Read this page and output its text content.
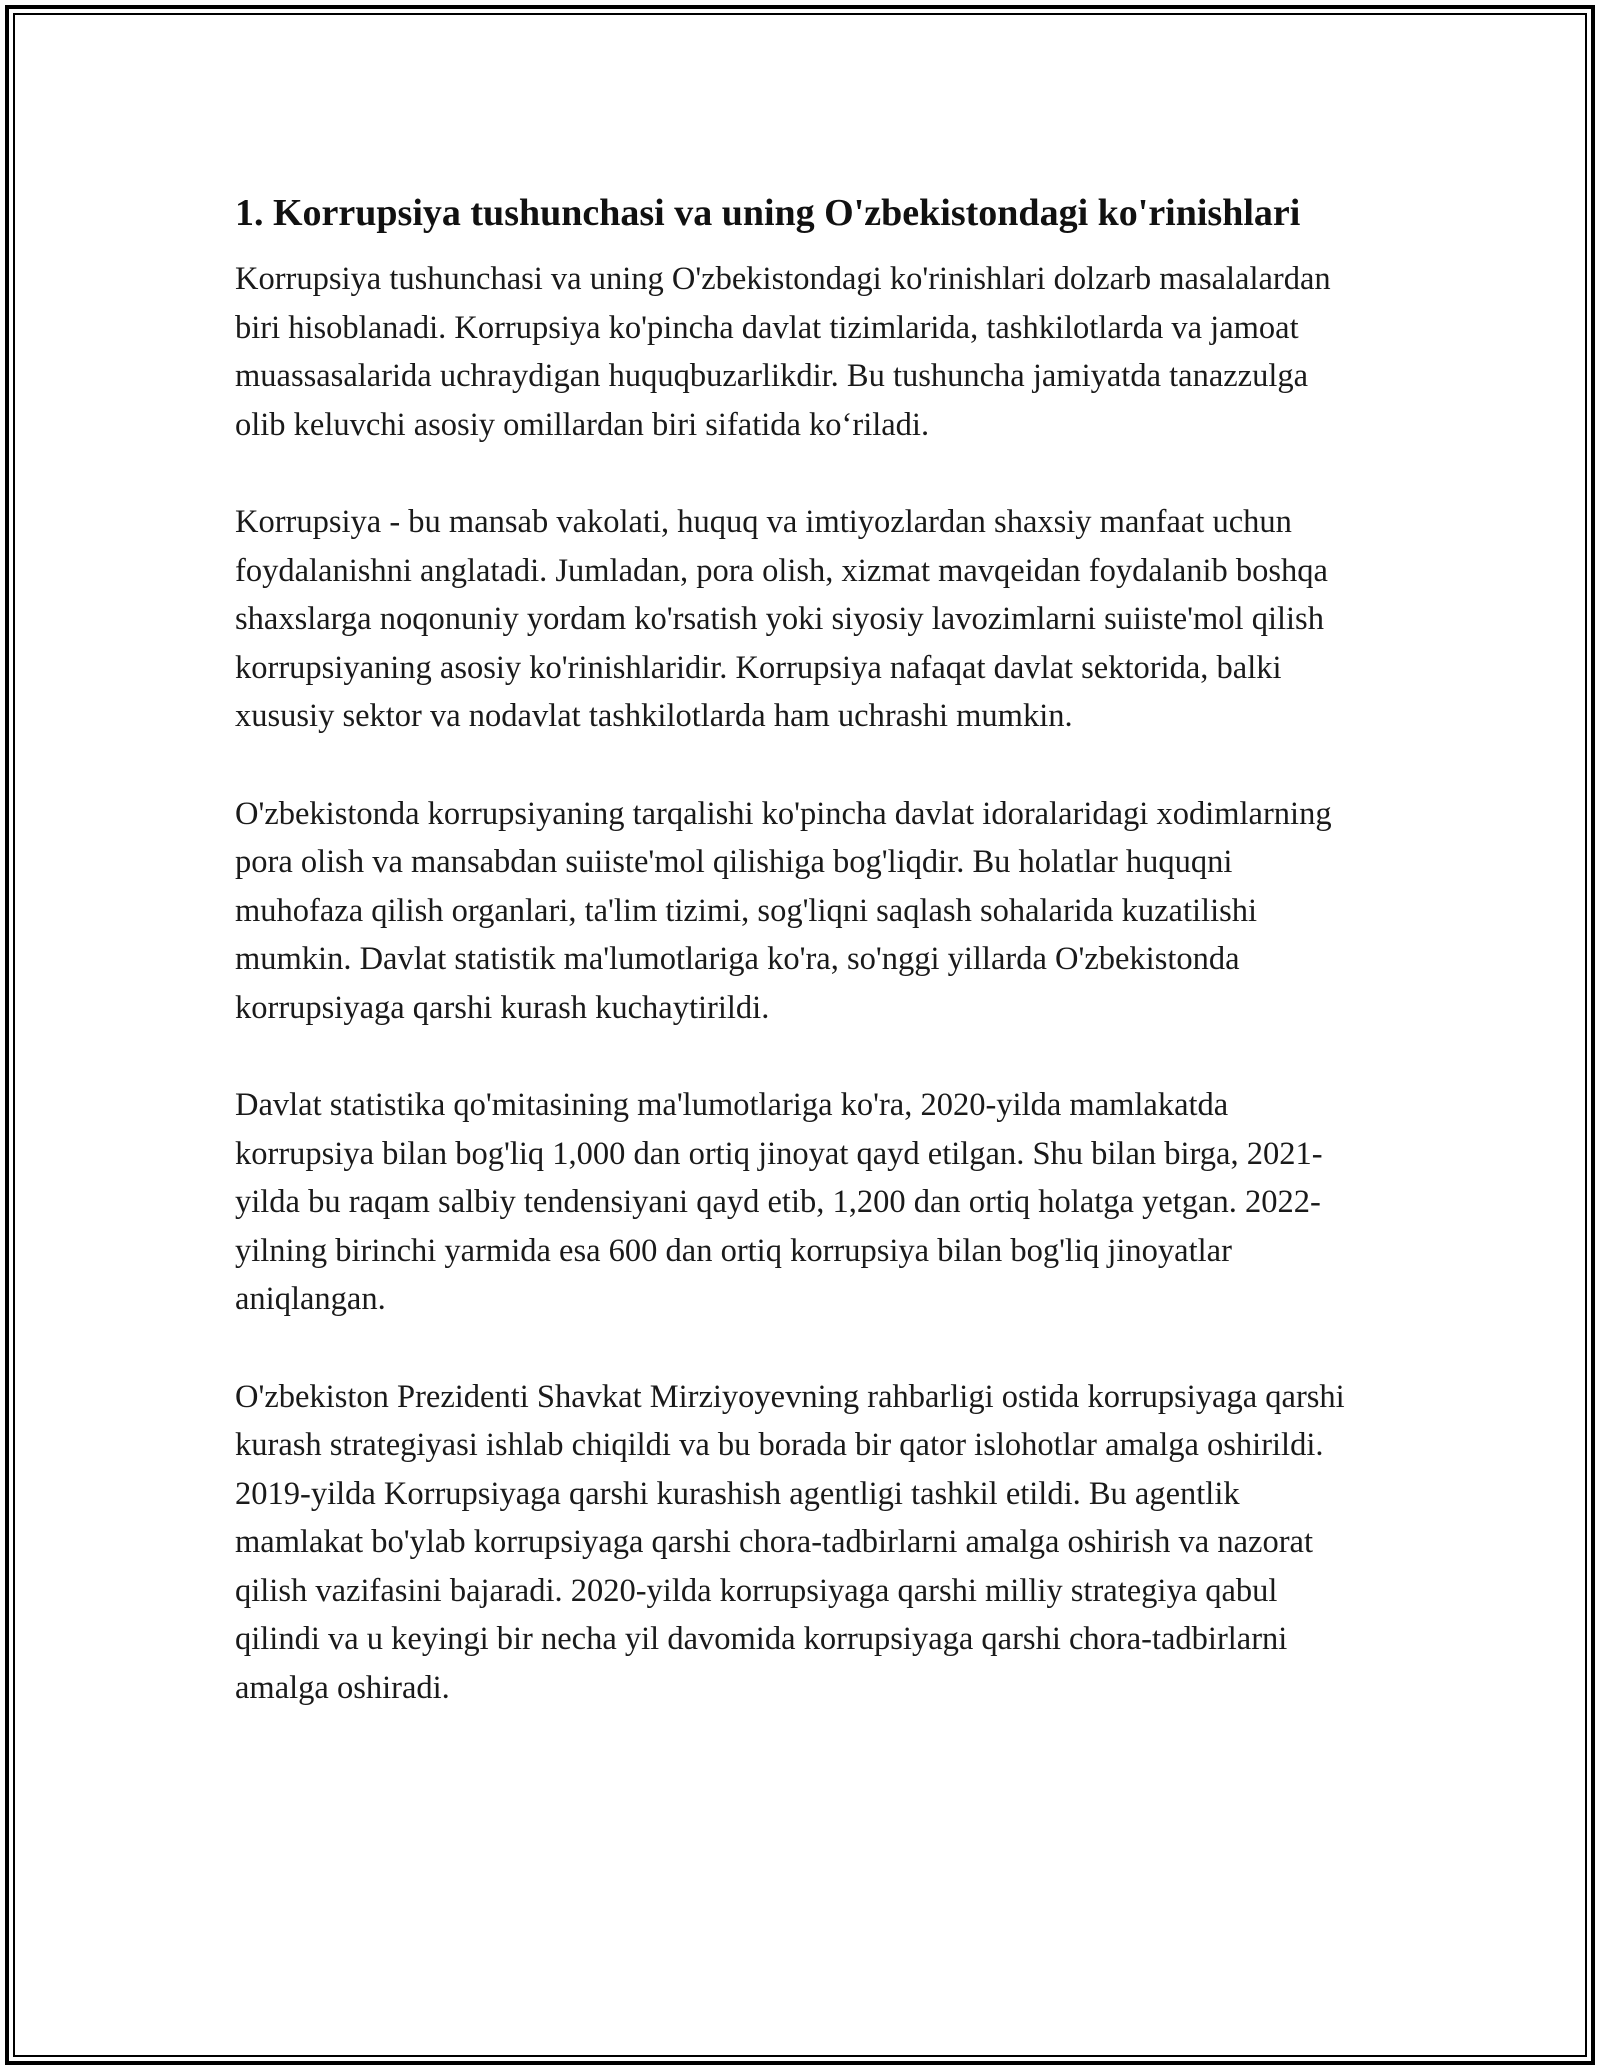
1. Korrupsiya tushunchasi va uning O'zbekistondagi ko'rinishlari

Korrupsiya tushunchasi va uning O'zbekistondagi ko'rinishlari dolzarb masalalardan biri hisoblanadi. Korrupsiya ko'pincha davlat tizimlarida, tashkilotlarda va jamoat muassasalarida uchraydigan huquqbuzarlikdir. Bu tushuncha jamiyatda tanazzulga olib keluvchi asosiy omillardan biri sifatida ko‘riladi.

Korrupsiya - bu mansab vakolati, huquq va imtiyozlardan shaxsiy manfaat uchun foydalanishni anglatadi. Jumladan, pora olish, xizmat mavqeidan foydalanib boshqa shaxslarga noqonuniy yordam ko'rsatish yoki siyosiy lavozimlarni suiiste'mol qilish korrupsiyaning asosiy ko'rinishlaridir. Korrupsiya nafaqat davlat sektorida, balki xususiy sektor va nodavlat tashkilotlarda ham uchrashi mumkin.

O'zbekistonda korrupsiyaning tarqalishi ko'pincha davlat idoralaridagi xodimlarning pora olish va mansabdan suiiste'mol qilishiga bog'liqdir. Bu holatlar huquqni muhofaza qilish organlari, ta'lim tizimi, sog'liqni saqlash sohalarida kuzatilishi mumkin. Davlat statistik ma'lumotlariga ko'ra, so'nggi yillarda O'zbekistonda korrupsiyaga qarshi kurash kuchaytirildi.

Davlat statistika qo'mitasining ma'lumotlariga ko'ra, 2020-yilda mamlakatda korrupsiya bilan bog'liq 1,000 dan ortiq jinoyat qayd etilgan. Shu bilan birga, 2021-yilda bu raqam salbiy tendensiyani qayd etib, 1,200 dan ortiq holatga yetgan. 2022-yilning birinchi yarmida esa 600 dan ortiq korrupsiya bilan bog'liq jinoyatlar aniqlangan.

O'zbekiston Prezidenti Shavkat Mirziyoyevning rahbarligi ostida korrupsiyaga qarshi kurash strategiyasi ishlab chiqildi va bu borada bir qator islohotlar amalga oshirildi. 2019-yilda Korrupsiyaga qarshi kurashish agentligi tashkil etildi. Bu agentlik mamlakat bo'ylab korrupsiyaga qarshi chora-tadbirlarni amalga oshirish va nazorat qilish vazifasini bajaradi. 2020-yilda korrupsiyaga qarshi milliy strategiya qabul qilindi va u keyingi bir necha yil davomida korrupsiyaga qarshi chora-tadbirlarni amalga oshiradi.
